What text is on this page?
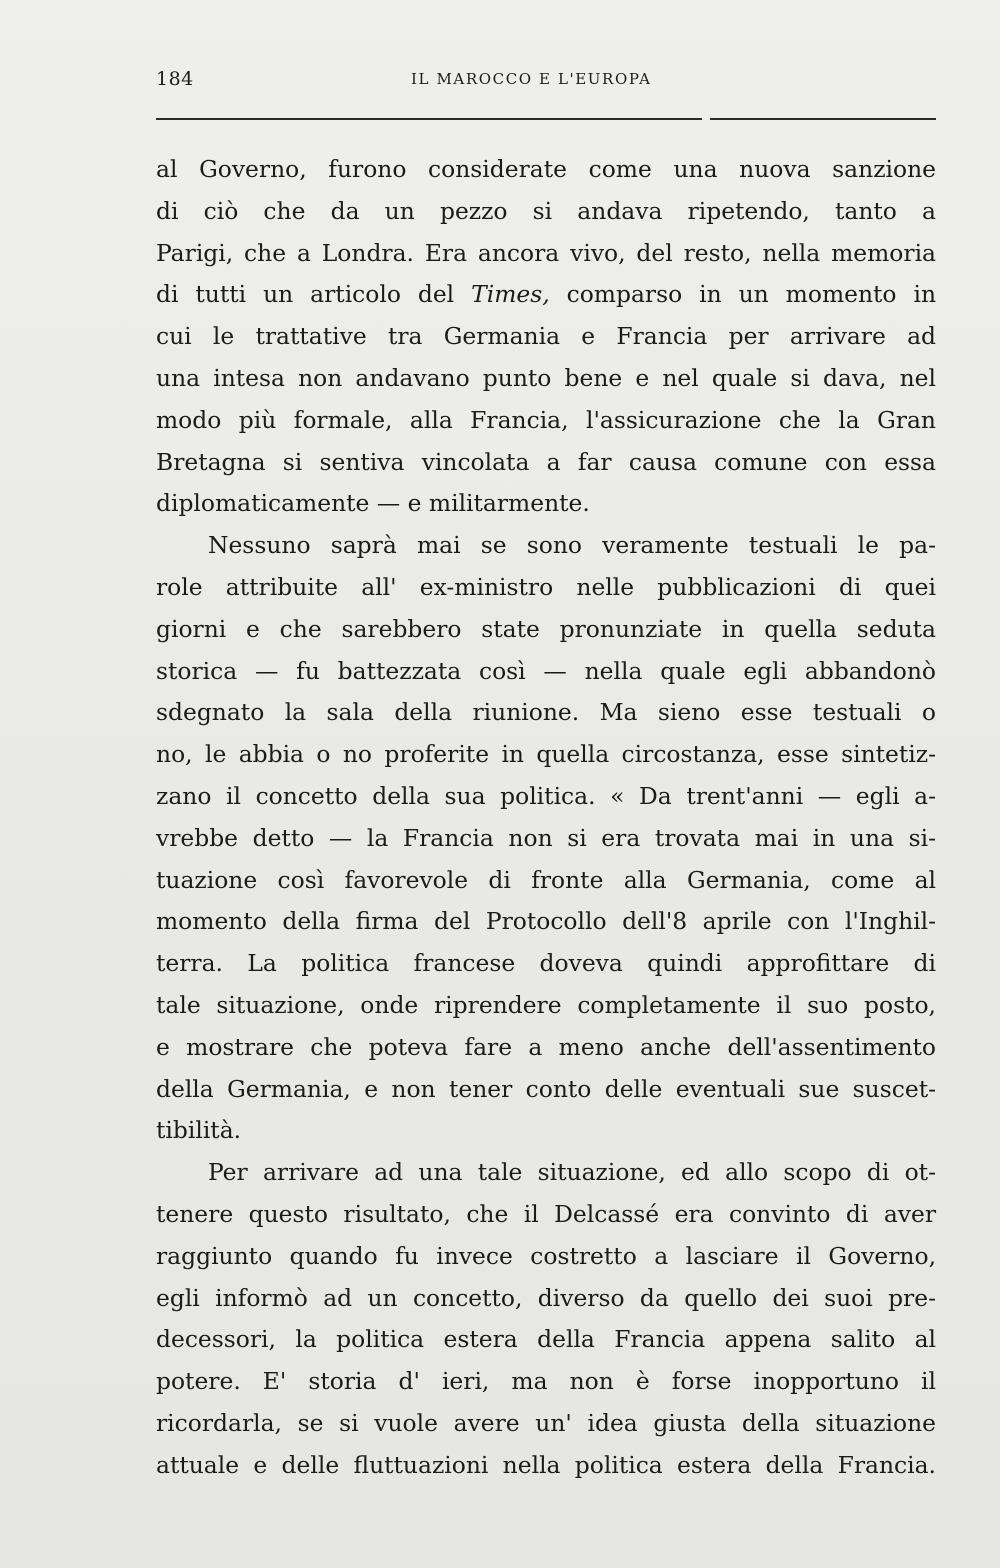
184	IL MAROCCO E L'EUROPA

al Governo, furono considerate come una nuova sanzione
di ciò che da un pezzo si andava ripetendo, tanto a
Parigi, che a Londra. Era ancora vivo, del resto, nella memoria
di tutti un articolo del Times, comparso in un momento in
cui le trattative tra Germania e Francia per arrivare ad
una intesa non andavano punto bene e nel quale si dava, nel
modo più formale, alla Francia, l'assicurazione che la Gran
Bretagna si sentiva vincolata a far causa comune con essa
diplomaticamente — e militarmente.

Nessuno saprà mai se sono veramente testuali le pa-
role attribuite all' ex-ministro nelle pubblicazioni di quei
giorni e che sarebbero state pronunziate in quella seduta
storica — fu battezzata così — nella quale egli abbandonò
sdegnato la sala della riunione. Ma sieno esse testuali o
no, le abbia o no proferite in quella circostanza, esse sintetiz-
zano il concetto della sua politica. « Da trent'anni — egli a-
vrebbe detto — la Francia non si era trovata mai in una si-
tuazione così favorevole di fronte alla Germania, come al
momento della firma del Protocollo dell'8 aprile con l'Inghil-
terra. La politica francese doveva quindi approfittare di
tale situazione, onde riprendere completamente il suo posto,
e mostrare che poteva fare a meno anche dell'assentimento
della Germania, e non tener conto delle eventuali sue suscet-
tibilità.

Per arrivare ad una tale situazione, ed allo scopo di ot-
tenere questo risultato, che il Delcassé era convinto di aver
raggiunto quando fu invece costretto a lasciare il Governo,
egli informò ad un concetto, diverso da quello dei suoi pre-
decessori, la politica estera della Francia appena salito al
potere. E' storia d' ieri, ma non è forse inopportuno il
ricordarla, se si vuole avere un' idea giusta della situazione
attuale e delle fluttuazioni nella politica estera della Francia.
